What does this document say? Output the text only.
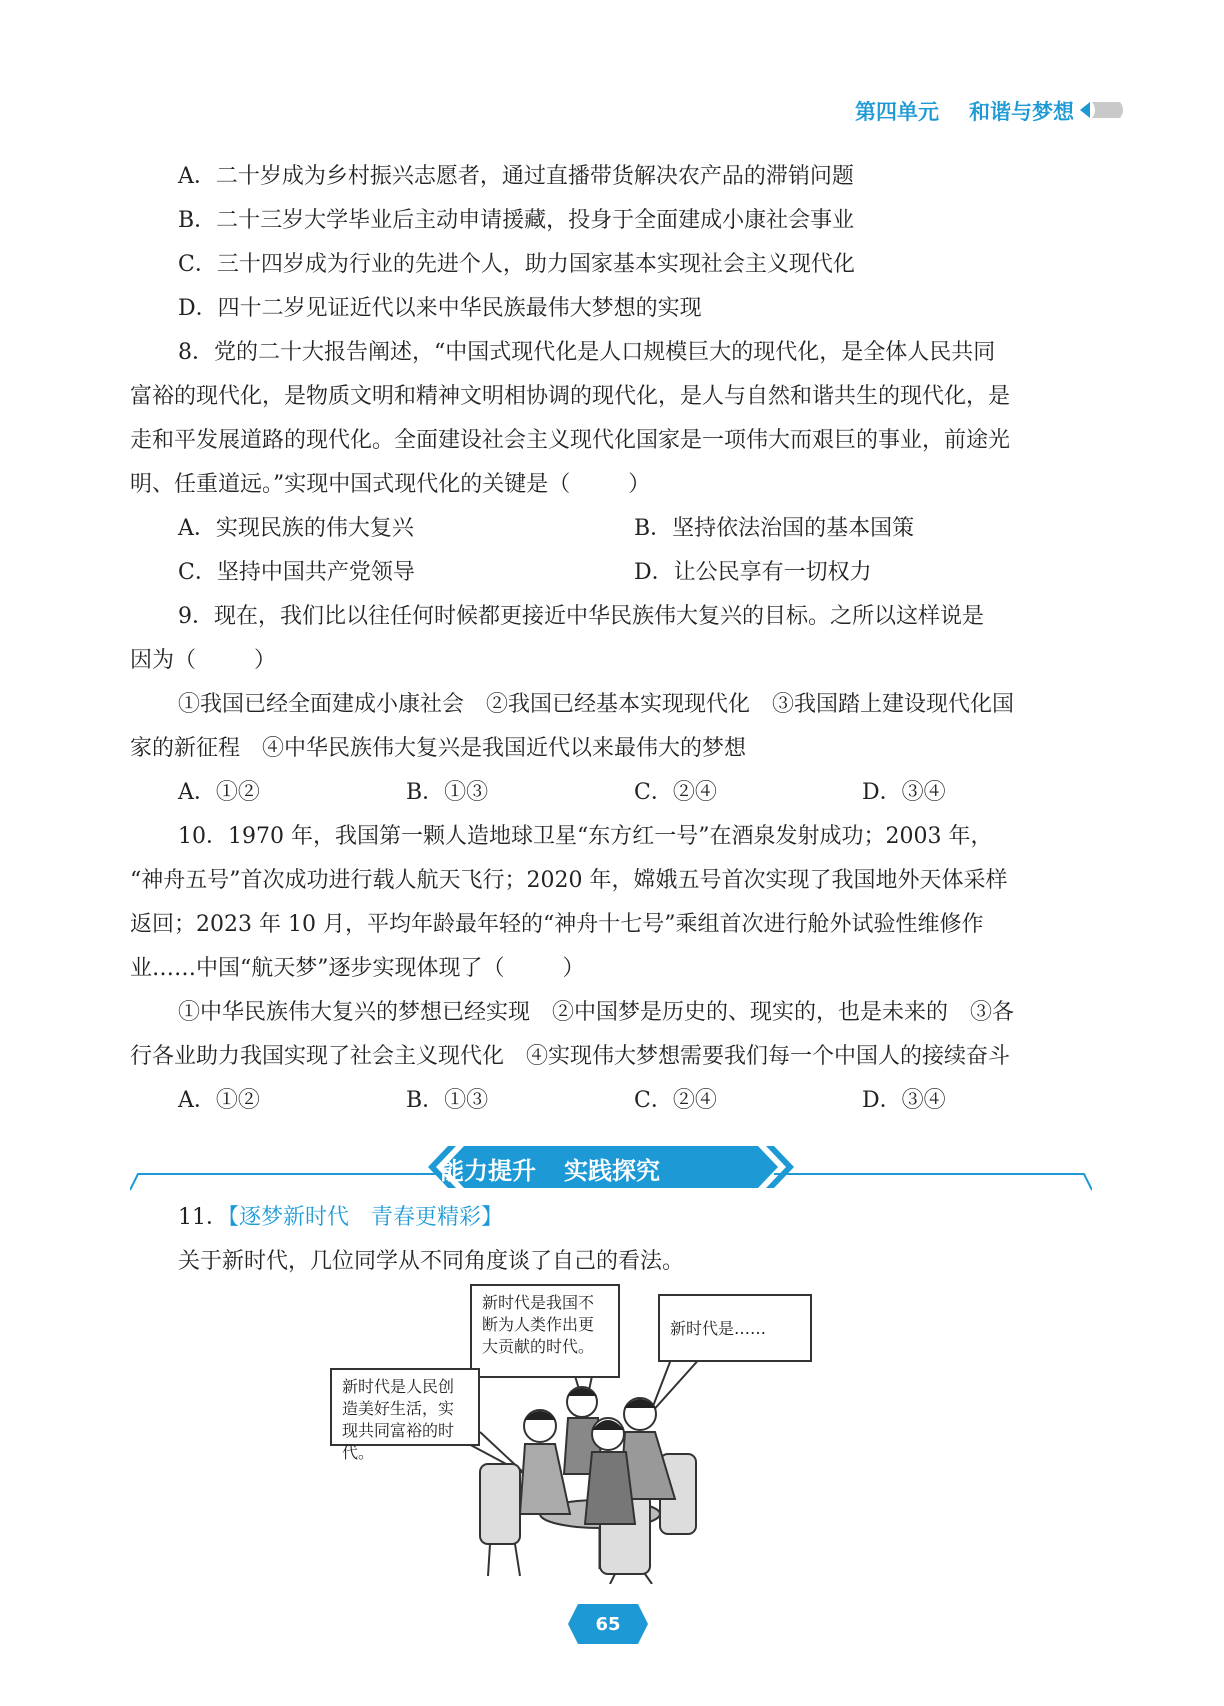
第四单元 和谐与梦想
A．二十岁成为乡村振兴志愿者，通过直播带货解决农产品的滞销问题
B．二十三岁大学毕业后主动申请援藏，投身于全面建成小康社会事业
C．三十四岁成为行业的先进个人，助力国家基本实现社会主义现代化
D．四十二岁见证近代以来中华民族最伟大梦想的实现
8．党的二十大报告阐述，“中国式现代化是人口规模巨大的现代化，是全体人民共同
富裕的现代化，是物质文明和精神文明相协调的现代化，是人与自然和谐共生的现代化，是
走和平发展道路的现代化。全面建设社会主义现代化国家是一项伟大而艰巨的事业，前途光
明、任重道远。”实现中国式现代化的关键是（	）
A．实现民族的伟大复兴	B．坚持依法治国的基本国策
C．坚持中国共产党领导	D．让公民享有一切权力
9．现在，我们比以往任何时候都更接近中华民族伟大复兴的目标。之所以这样说是
因为（	）
①我国已经全面建成小康社会　②我国已经基本实现现代化　③我国踏上建设现代化国
家的新征程　④中华民族伟大复兴是我国近代以来最伟大的梦想
A．①②	B．①③	C．②④	D．③④
10．1970 年，我国第一颗人造地球卫星“东方红一号”在酒泉发射成功；2003 年，
“神舟五号”首次成功进行载人航天飞行；2020 年，嫦娥五号首次实现了我国地外天体采样
返回；2023 年 10 月，平均年龄最年轻的“神舟十七号”乘组首次进行舱外试验性维修作
业……中国“航天梦”逐步实现体现了（	）
①中华民族伟大复兴的梦想已经实现　②中国梦是历史的、现实的，也是未来的　③各
行各业助力我国实现了社会主义现代化　④实现伟大梦想需要我们每一个中国人的接续奋斗
A．①②	B．①③	C．②④	D．③④
能力提升 实践探究
11．【逐梦新时代　青春更精彩】
关于新时代，几位同学从不同角度谈了自己的看法。
新时代是我国不断为人类作出更大贡献的时代。
新时代是……
新时代是人民创造美好生活，实现共同富裕的时代。
65
